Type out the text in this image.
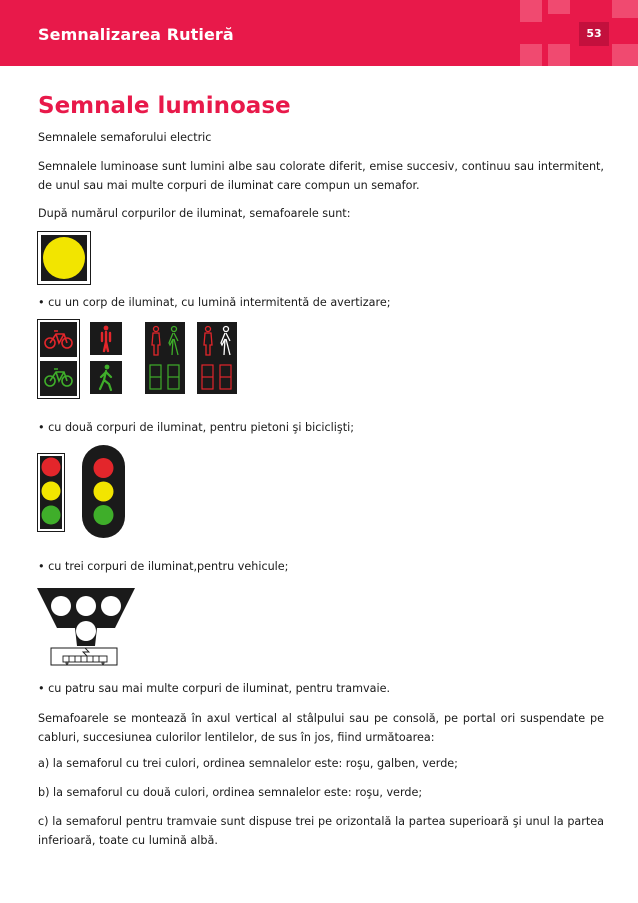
Semnalizarea Rutieră	53
Semnale luminoase

Semnalele semaforului electric

Semnalele luminoase sunt lumini albe sau colorate diferit, emise succesiv, continuu sau intermitent, de unul sau mai multe corpuri de iluminat care compun un semafor.

După numărul corpurilor de iluminat, semafoarele sunt:

• cu un corp de iluminat, cu lumină intermitentă de avertizare;

• cu două corpuri de iluminat, pentru pietoni şi biciclişti;

• cu trei corpuri de iluminat,pentru vehicule;

• cu patru sau mai multe corpuri de iluminat, pentru tramvaie.

Semafoarele se montează în axul vertical al stâlpului sau pe consolă, pe portal ori suspendate pe cabluri, succesiunea culorilor lentilelor, de sus în jos, fiind următoarea:

a) la semaforul cu trei culori, ordinea semnalelor este: roşu, galben, verde;

b) la semaforul cu două culori, ordinea semnalelor este: roşu, verde;

c) la semaforul pentru tramvaie sunt dispuse trei pe orizontală la partea superioară şi unul la partea inferioară, toate cu lumină albă.
